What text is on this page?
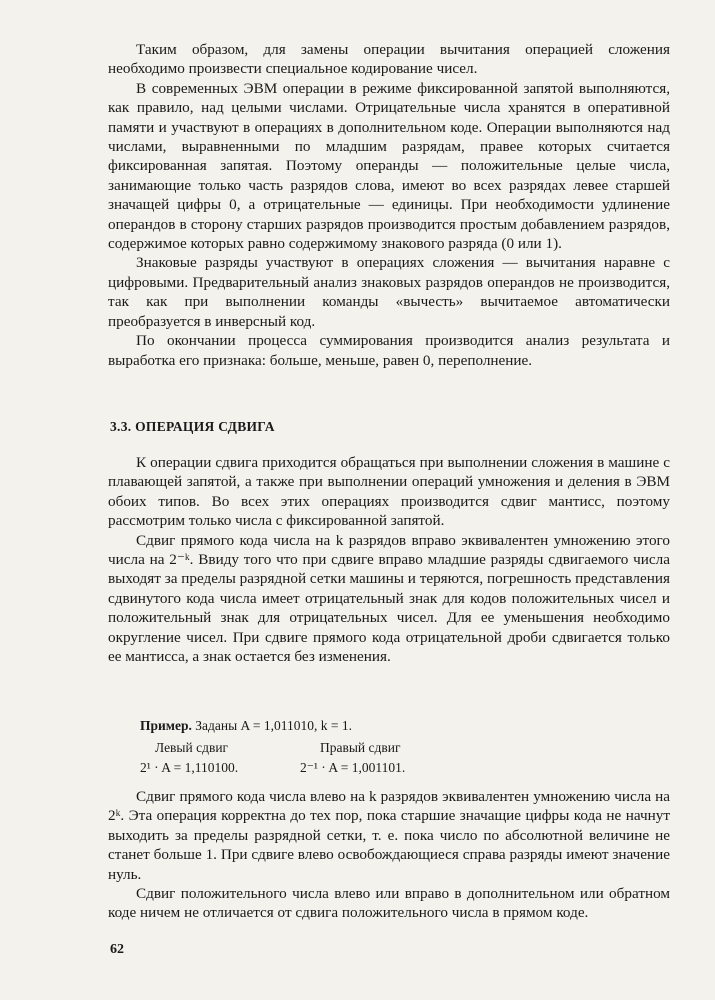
Таким образом, для замены операции вычитания операцией сложения необходимо произвести специальное кодирование чисел.

В современных ЭВМ операции в режиме фиксированной запятой выполняются, как правило, над целыми числами. Отрицательные числа хранятся в оперативной памяти и участвуют в операциях в дополнительном коде. Операции выполняются над числами, выравненными по младшим разрядам, правее которых считается фиксированная запятая. Поэтому операнды — положительные целые числа, занимающие только часть разрядов слова, имеют во всех разрядах левее старшей значащей цифры 0, а отрицательные — единицы. При необходимости удлинение операндов в сторону старших разрядов производится простым добавлением разрядов, содержимое которых равно содержимому знакового разряда (0 или 1).

Знаковые разряды участвуют в операциях сложения — вычитания наравне с цифровыми. Предварительный анализ знаковых разрядов операндов не производится, так как при выполнении команды «вычесть» вычитаемое автоматически преобразуется в инверсный код.

По окончании процесса суммирования производится анализ результата и выработка его признака: больше, меньше, равен 0, переполнение.

3.3. ОПЕРАЦИЯ СДВИГА

К операции сдвига приходится обращаться при выполнении сложения в машине с плавающей запятой, а также при выполнении операций умножения и деления в ЭВМ обоих типов. Во всех этих операциях производится сдвиг мантисс, поэтому рассмотрим только числа с фиксированной запятой.

Сдвиг прямого кода числа на k разрядов вправо эквивалентен умножению этого числа на 2⁻ᵏ. Ввиду того что при сдвиге вправо младшие разряды сдвигаемого числа выходят за пределы разрядной сетки машины и теряются, погрешность представления сдвинутого кода числа имеет отрицательный знак для кодов положительных чисел и положительный знак для отрицательных чисел. Для ее уменьшения необходимо округление чисел. При сдвиге прямого кода отрицательной дроби сдвигается только ее мантисса, а знак остается без изменения.

Пример. Заданы A = 1,011010, k = 1.
Левый сдвиг	Правый сдвиг
2¹ · A = 1,110100.	2⁻¹ · A = 1,001101.

Сдвиг прямого кода числа влево на k разрядов эквивалентен умножению числа на 2ᵏ. Эта операция корректна до тех пор, пока старшие значащие цифры кода не начнут выходить за пределы разрядной сетки, т. е. пока число по абсолютной величине не станет больше 1. При сдвиге влево освобождающиеся справа разряды имеют значение нуль.

Сдвиг положительного числа влево или вправо в дополнительном или обратном коде ничем не отличается от сдвига положительного числа в прямом коде.

62
